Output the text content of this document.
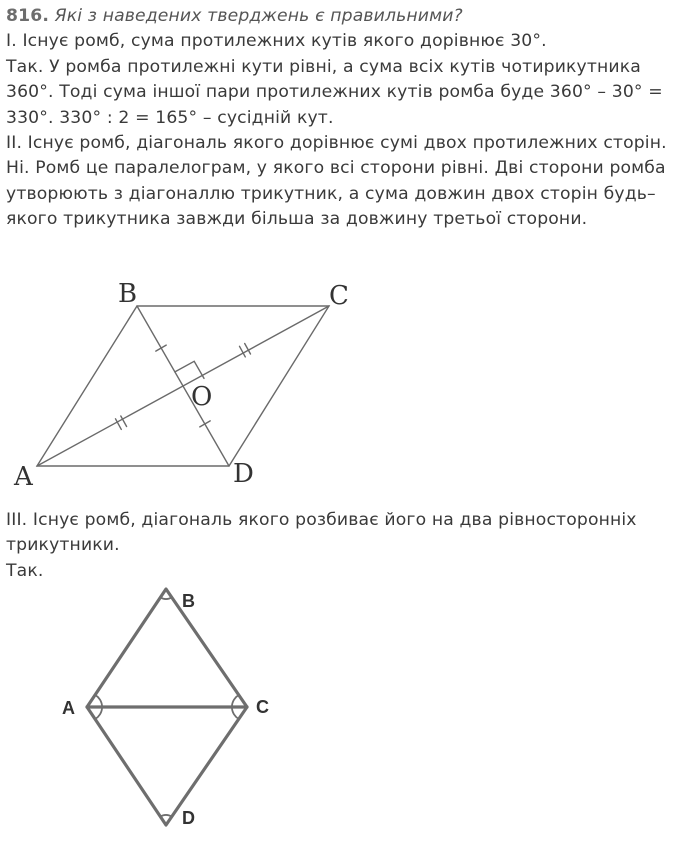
816. Які з наведених тверджень є правильними?

I. Існує ромб, сума протилежних кутів якого дорівнює 30°.

Так. У ромба протилежні кути рівні, а сума всіх кутів чотирикутника 360°. Тоді сума іншої пари протилежних кутів ромба буде 360° – 30° = 330°. 330° : 2 = 165° – сусідній кут.

II. Існує ромб, діагональ якого дорівнює сумі двох протилежних сторін.

Ні. Ромб це паралелограм, у якого всі сторони рівні. Дві сторони ромба утворюють з діагоналлю трикутник, а сума довжин двох сторін будь–якого трикутника завжди більша за довжину третьої сторони.

B	C
O
A	D

III. Існує ромб, діагональ якого розбиває його на два рівносторонніх трикутники.

Так.

B
A	C
D
